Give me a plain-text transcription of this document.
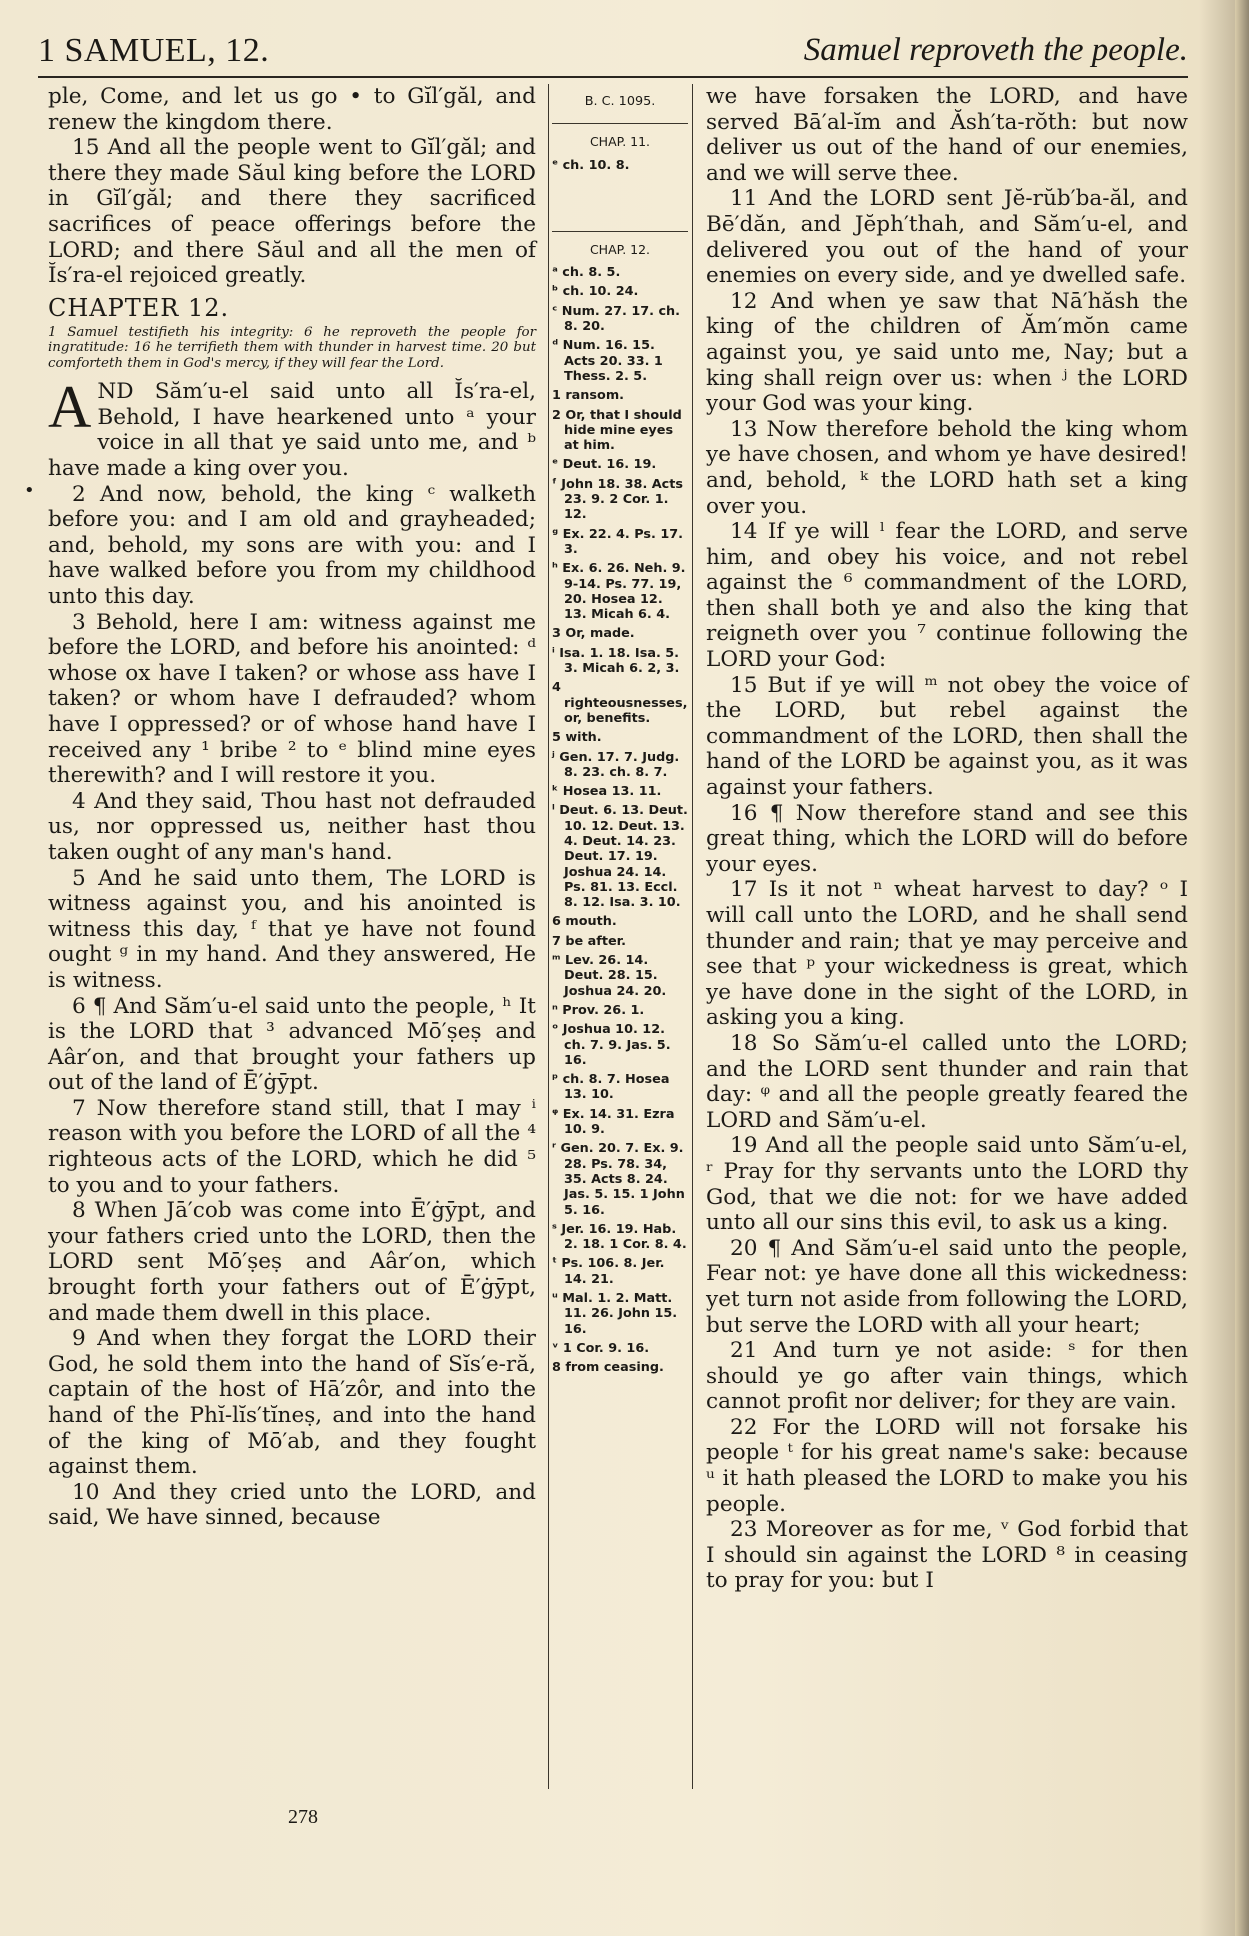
1 SAMUEL, 12.	Samuel reproveth the people.
•

ple, Come, and let us go • to Gĭl′găl, and renew the kingdom there.

15 And all the people went to Gĭl′găl; and there they made Săul king before the LORD in Gĭl′găl; and there they sacrificed sacrifices of peace offerings before the LORD; and there Săul and all the men of Ĭs′ra-el rejoiced greatly.

CHAPTER 12.
1 Samuel testifieth his integrity: 6 he reproveth the people for ingratitude: 16 he terrifieth them with thunder in harvest time. 20 but comforteth them in God's mercy, if they will fear the Lord.

AND Săm′u-el said unto all Ĭs′ra-el, Behold, I have hearkened unto ᵃ your voice in all that ye said unto me, and ᵇ have made a king over you.

2 And now, behold, the king ᶜ walketh before you: and I am old and grayheaded; and, behold, my sons are with you: and I have walked before you from my childhood unto this day.

3 Behold, here I am: witness against me before the LORD, and before his anointed: ᵈ whose ox have I taken? or whose ass have I taken? or whom have I defrauded? whom have I oppressed? or of whose hand have I received any ¹ bribe ² to ᵉ blind mine eyes therewith? and I will restore it you.

4 And they said, Thou hast not defrauded us, nor oppressed us, neither hast thou taken ought of any man's hand.

5 And he said unto them, The LORD is witness against you, and his anointed is witness this day, ᶠ that ye have not found ought ᵍ in my hand. And they answered, He is witness.

6 ¶ And Săm′u-el said unto the people, ʰ It is the LORD that ³ advanced Mō′ṣeṣ and Aâr′on, and that brought your fathers up out of the land of Ē′ġȳpt.

7 Now therefore stand still, that I may ⁱ reason with you before the LORD of all the ⁴ righteous acts of the LORD, which he did ⁵ to you and to your fathers.

8 When Jā′cob was come into Ē′ġȳpt, and your fathers cried unto the LORD, then the LORD sent Mō′ṣeṣ and Aâr′on, which brought forth your fathers out of Ē′ġȳpt, and made them dwell in this place.

9 And when they forgat the LORD their God, he sold them into the hand of Sĭs′e-ră, captain of the host of Hā′zôr, and into the hand of the Phĭ-lĭs′tĭneṣ, and into the hand of the king of Mō′ab, and they fought against them.

10 And they cried unto the LORD, and said, We have sinned, because

B. C. 1095.
CHAP. 11.
ᵉ ch. 10. 8.
CHAP. 12.
ᵃ ch. 8. 5.
ᵇ ch. 10. 24.
ᶜ Num. 27. 17. ch. 8. 20.
ᵈ Num. 16. 15. Acts 20. 33. 1 Thess. 2. 5.
1 ransom.
2 Or, that I should hide mine eyes at him.
ᵉ Deut. 16. 19.
ᶠ John 18. 38. Acts 23. 9. 2 Cor. 1. 12.
ᵍ Ex. 22. 4. Ps. 17. 3.
ʰ Ex. 6. 26. Neh. 9. 9-14. Ps. 77. 19, 20. Hosea 12. 13. Micah 6. 4.
3 Or, made.
ⁱ Isa. 1. 18. Isa. 5. 3. Micah 6. 2, 3.
4 righteousnesses, or, benefits.
5 with.
ʲ Gen. 17. 7. Judg. 8. 23. ch. 8. 7.
ᵏ Hosea 13. 11.
ˡ Deut. 6. 13. Deut. 10. 12. Deut. 13. 4. Deut. 14. 23. Deut. 17. 19. Joshua 24. 14. Ps. 81. 13. Eccl. 8. 12. Isa. 3. 10.
6 mouth.
7 be after.
ᵐ Lev. 26. 14. Deut. 28. 15. Joshua 24. 20.
ⁿ Prov. 26. 1.
ᵒ Joshua 10. 12. ch. 7. 9. Jas. 5. 16.
ᵖ ch. 8. 7. Hosea 13. 10.
ᵠ Ex. 14. 31. Ezra 10. 9.
ʳ Gen. 20. 7. Ex. 9. 28. Ps. 78. 34, 35. Acts 8. 24. Jas. 5. 15. 1 John 5. 16.
ˢ Jer. 16. 19. Hab. 2. 18. 1 Cor. 8. 4.
ᵗ Ps. 106. 8. Jer. 14. 21.
ᵘ Mal. 1. 2. Matt. 11. 26. John 15. 16.
ᵛ 1 Cor. 9. 16.
8 from ceasing.

we have forsaken the LORD, and have served Bā′al-ĭm and Ăsh′ta-rŏth: but now deliver us out of the hand of our enemies, and we will serve thee.

11 And the LORD sent Jĕ-rŭb′ba-ăl, and Bē′dăn, and Jĕph′thah, and Săm′u-el, and delivered you out of the hand of your enemies on every side, and ye dwelled safe.

12 And when ye saw that Nā′hăsh the king of the children of Ăm′mŏn came against you, ye said unto me, Nay; but a king shall reign over us: when ʲ the LORD your God was your king.

13 Now therefore behold the king whom ye have chosen, and whom ye have desired! and, behold, ᵏ the LORD hath set a king over you.

14 If ye will ˡ fear the LORD, and serve him, and obey his voice, and not rebel against the ⁶ commandment of the LORD, then shall both ye and also the king that reigneth over you ⁷ continue following the LORD your God:

15 But if ye will ᵐ not obey the voice of the LORD, but rebel against the commandment of the LORD, then shall the hand of the LORD be against you, as it was against your fathers.

16 ¶ Now therefore stand and see this great thing, which the LORD will do before your eyes.

17 Is it not ⁿ wheat harvest to day? ᵒ I will call unto the LORD, and he shall send thunder and rain; that ye may perceive and see that ᵖ your wickedness is great, which ye have done in the sight of the LORD, in asking you a king.

18 So Săm′u-el called unto the LORD; and the LORD sent thunder and rain that day: ᵠ and all the people greatly feared the LORD and Săm′u-el.

19 And all the people said unto Săm′u-el, ʳ Pray for thy servants unto the LORD thy God, that we die not: for we have added unto all our sins this evil, to ask us a king.

20 ¶ And Săm′u-el said unto the people, Fear not: ye have done all this wickedness: yet turn not aside from following the LORD, but serve the LORD with all your heart;

21 And turn ye not aside: ˢ for then should ye go after vain things, which cannot profit nor deliver; for they are vain.

22 For the LORD will not forsake his people ᵗ for his great name's sake: because ᵘ it hath pleased the LORD to make you his people.

23 Moreover as for me, ᵛ God forbid that I should sin against the LORD ⁸ in ceasing to pray for you: but I

278
